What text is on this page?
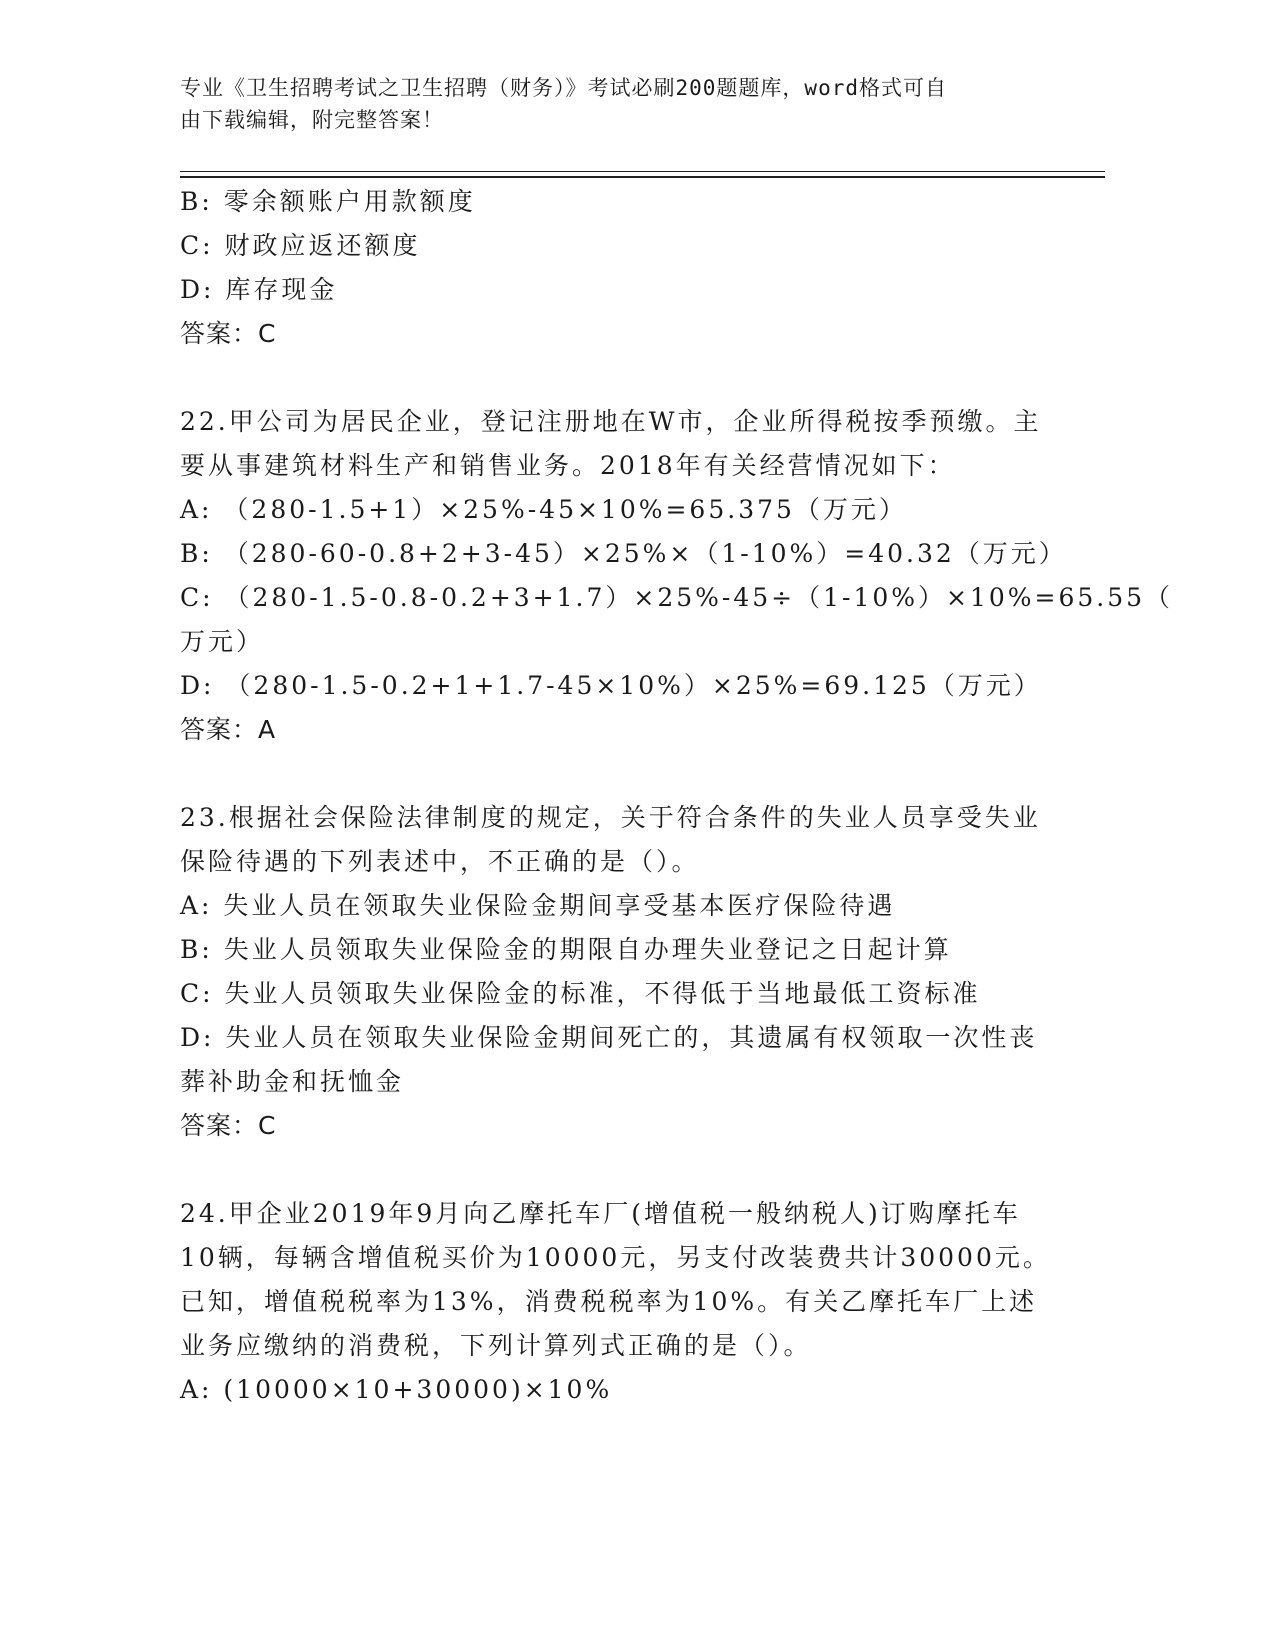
专业《卫生招聘考试之卫生招聘（财务）》考试必刷200题题库，word格式可自
由下载编辑，附完整答案！
B: 零余额账户用款额度
C: 财政应返还额度
D: 库存现金
答案：C
22.甲公司为居民企业，登记注册地在W市，企业所得税按季预缴。主
要从事建筑材料生产和销售业务。2018年有关经营情况如下：
A: （280-1.5+1）×25%-45×10%=65.375（万元）
B: （280-60-0.8+2+3-45）×25%×（1-10%）=40.32（万元）
C: （280-1.5-0.8-0.2+3+1.7）×25%-45÷（1-10%）×10%=65.55（
万元）
D: （280-1.5-0.2+1+1.7-45×10%）×25%=69.125（万元）
答案：A
23.根据社会保险法律制度的规定，关于符合条件的失业人员享受失业
保险待遇的下列表述中，不正确的是（）。
A: 失业人员在领取失业保险金期间享受基本医疗保险待遇
B: 失业人员领取失业保险金的期限自办理失业登记之日起计算
C: 失业人员领取失业保险金的标准，不得低于当地最低工资标准
D: 失业人员在领取失业保险金期间死亡的，其遗属有权领取一次性丧
葬补助金和抚恤金
答案：C
24.甲企业2019年9月向乙摩托车厂(增值税一般纳税人)订购摩托车
10辆，每辆含增值税买价为10000元，另支付改装费共计30000元。
已知，增值税税率为13%，消费税税率为10%。有关乙摩托车厂上述
业务应缴纳的消费税，下列计算列式正确的是（）。
A: (10000×10+30000)×10%
